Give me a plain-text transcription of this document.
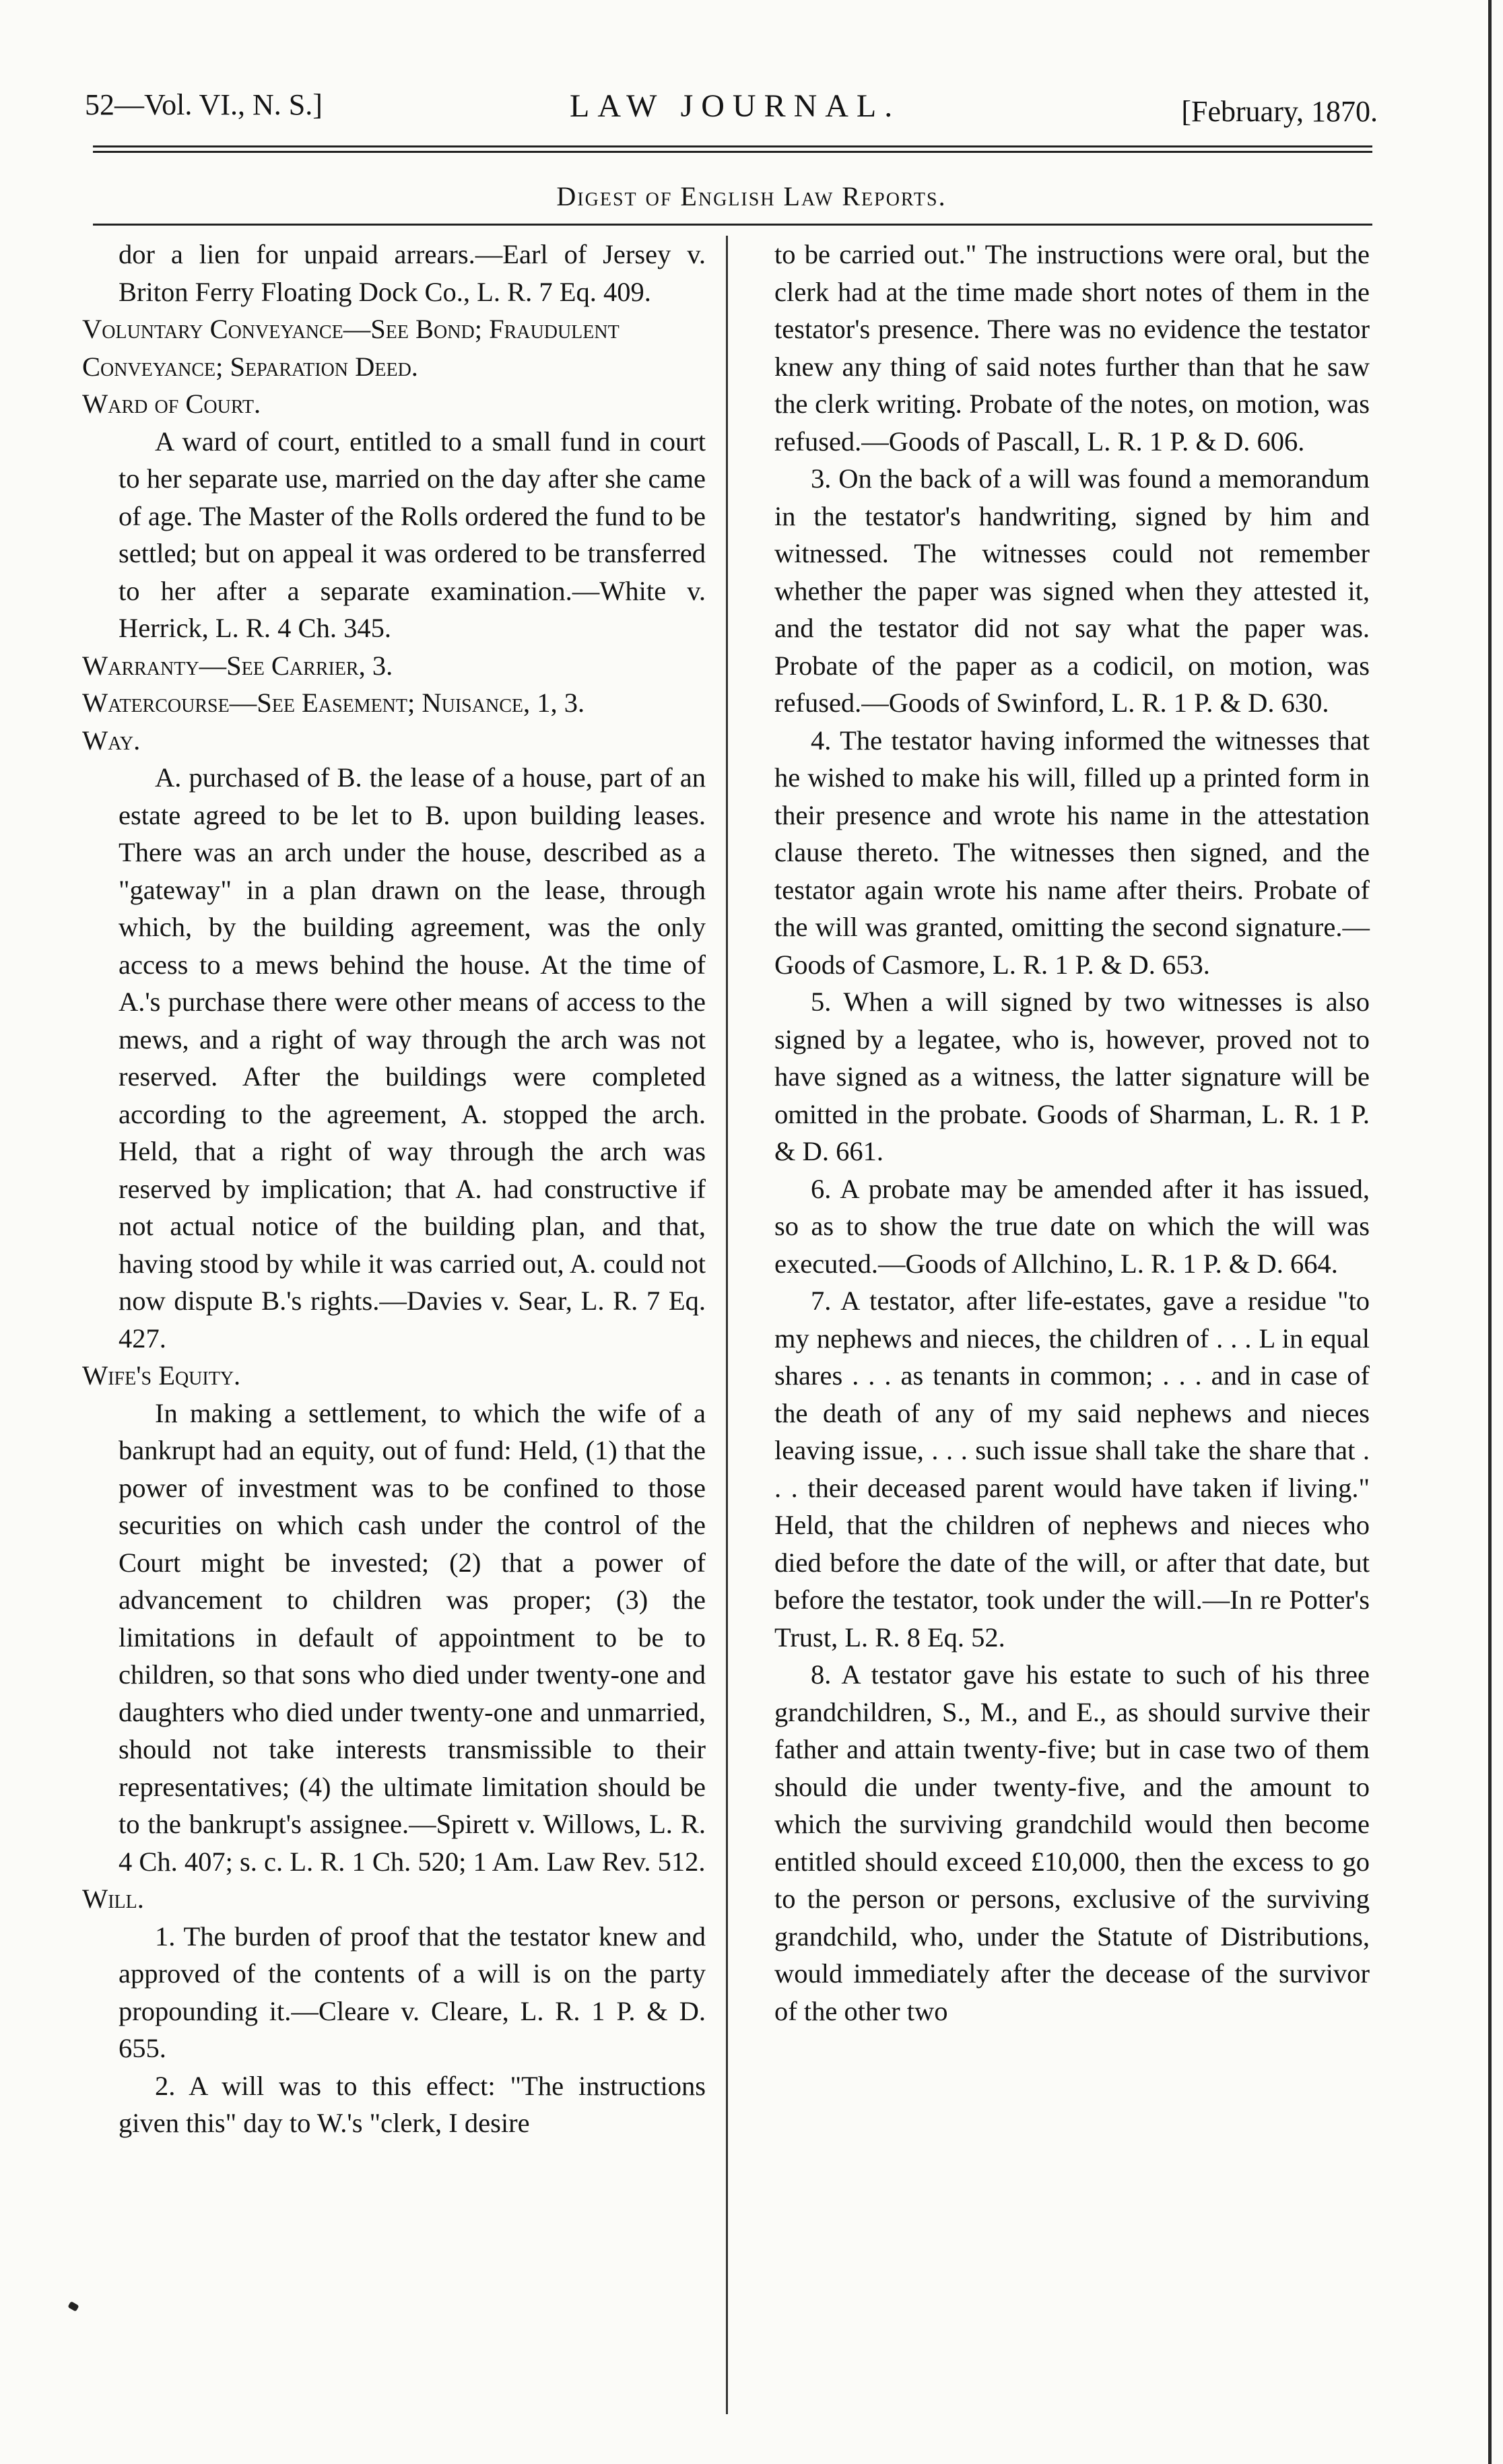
52—Vol. VI., N. S.]	LAW JOURNAL.	[February, 1870.
Digest of English Law Reports.

dor a lien for unpaid arrears.—Earl of Jersey v. Briton Ferry Floating Dock Co., L. R. 7 Eq. 409.

Voluntary Conveyance—See Bond; Fraudulent Conveyance; Separation Deed.

Ward of Court.

A ward of court, entitled to a small fund in court to her separate use, married on the day after she came of age. The Master of the Rolls ordered the fund to be settled; but on appeal it was ordered to be transferred to her after a separate examination.—White v. Herrick, L. R. 4 Ch. 345.

Warranty—See Carrier, 3.

Watercourse—See Easement; Nuisance, 1, 3.

Way.

A. purchased of B. the lease of a house, part of an estate agreed to be let to B. upon building leases. There was an arch under the house, described as a "gateway" in a plan drawn on the lease, through which, by the building agreement, was the only access to a mews behind the house. At the time of A.'s purchase there were other means of access to the mews, and a right of way through the arch was not reserved. After the buildings were completed according to the agreement, A. stopped the arch. Held, that a right of way through the arch was reserved by implication; that A. had constructive if not actual notice of the building plan, and that, having stood by while it was carried out, A. could not now dispute B.'s rights.—Davies v. Sear, L. R. 7 Eq. 427.

Wife's Equity.

In making a settlement, to which the wife of a bankrupt had an equity, out of fund: Held, (1) that the power of investment was to be confined to those securities on which cash under the control of the Court might be invested; (2) that a power of advancement to children was proper; (3) the limitations in default of appointment to be to children, so that sons who died under twenty-one and daughters who died under twenty-one and unmarried, should not take interests transmissible to their representatives; (4) the ultimate limitation should be to the bankrupt's assignee.—Spirett v. Willows, L. R. 4 Ch. 407; s. c. L. R. 1 Ch. 520; 1 Am. Law Rev. 512.

Will.

1. The burden of proof that the testator knew and approved of the contents of a will is on the party propounding it.—Cleare v. Cleare, L. R. 1 P. & D. 655.

2. A will was to this effect: "The instructions given this" day to W.'s "clerk, I desire

to be carried out." The instructions were oral, but the clerk had at the time made short notes of them in the testator's presence. There was no evidence the testator knew any thing of said notes further than that he saw the clerk writing. Probate of the notes, on motion, was refused.—Goods of Pascall, L. R. 1 P. & D. 606.

3. On the back of a will was found a memorandum in the testator's handwriting, signed by him and witnessed. The witnesses could not remember whether the paper was signed when they attested it, and the testator did not say what the paper was. Probate of the paper as a codicil, on motion, was refused.—Goods of Swinford, L. R. 1 P. & D. 630.

4. The testator having informed the witnesses that he wished to make his will, filled up a printed form in their presence and wrote his name in the attestation clause thereto. The witnesses then signed, and the testator again wrote his name after theirs. Probate of the will was granted, omitting the second signature.—Goods of Casmore, L. R. 1 P. & D. 653.

5. When a will signed by two witnesses is also signed by a legatee, who is, however, proved not to have signed as a witness, the latter signature will be omitted in the probate. Goods of Sharman, L. R. 1 P. & D. 661.

6. A probate may be amended after it has issued, so as to show the true date on which the will was executed.—Goods of Allchino, L. R. 1 P. & D. 664.

7. A testator, after life-estates, gave a residue "to my nephews and nieces, the children of . . . L in equal shares . . . as tenants in common; . . . and in case of the death of any of my said nephews and nieces leaving issue, . . . such issue shall take the share that . . . their deceased parent would have taken if living." Held, that the children of nephews and nieces who died before the date of the will, or after that date, but before the testator, took under the will.—In re Potter's Trust, L. R. 8 Eq. 52.

8. A testator gave his estate to such of his three grandchildren, S., M., and E., as should survive their father and attain twenty-five; but in case two of them should die under twenty-five, and the amount to which the surviving grandchild would then become entitled should exceed £10,000, then the excess to go to the person or persons, exclusive of the surviving grandchild, who, under the Statute of Distributions, would immediately after the decease of the survivor of the other two
